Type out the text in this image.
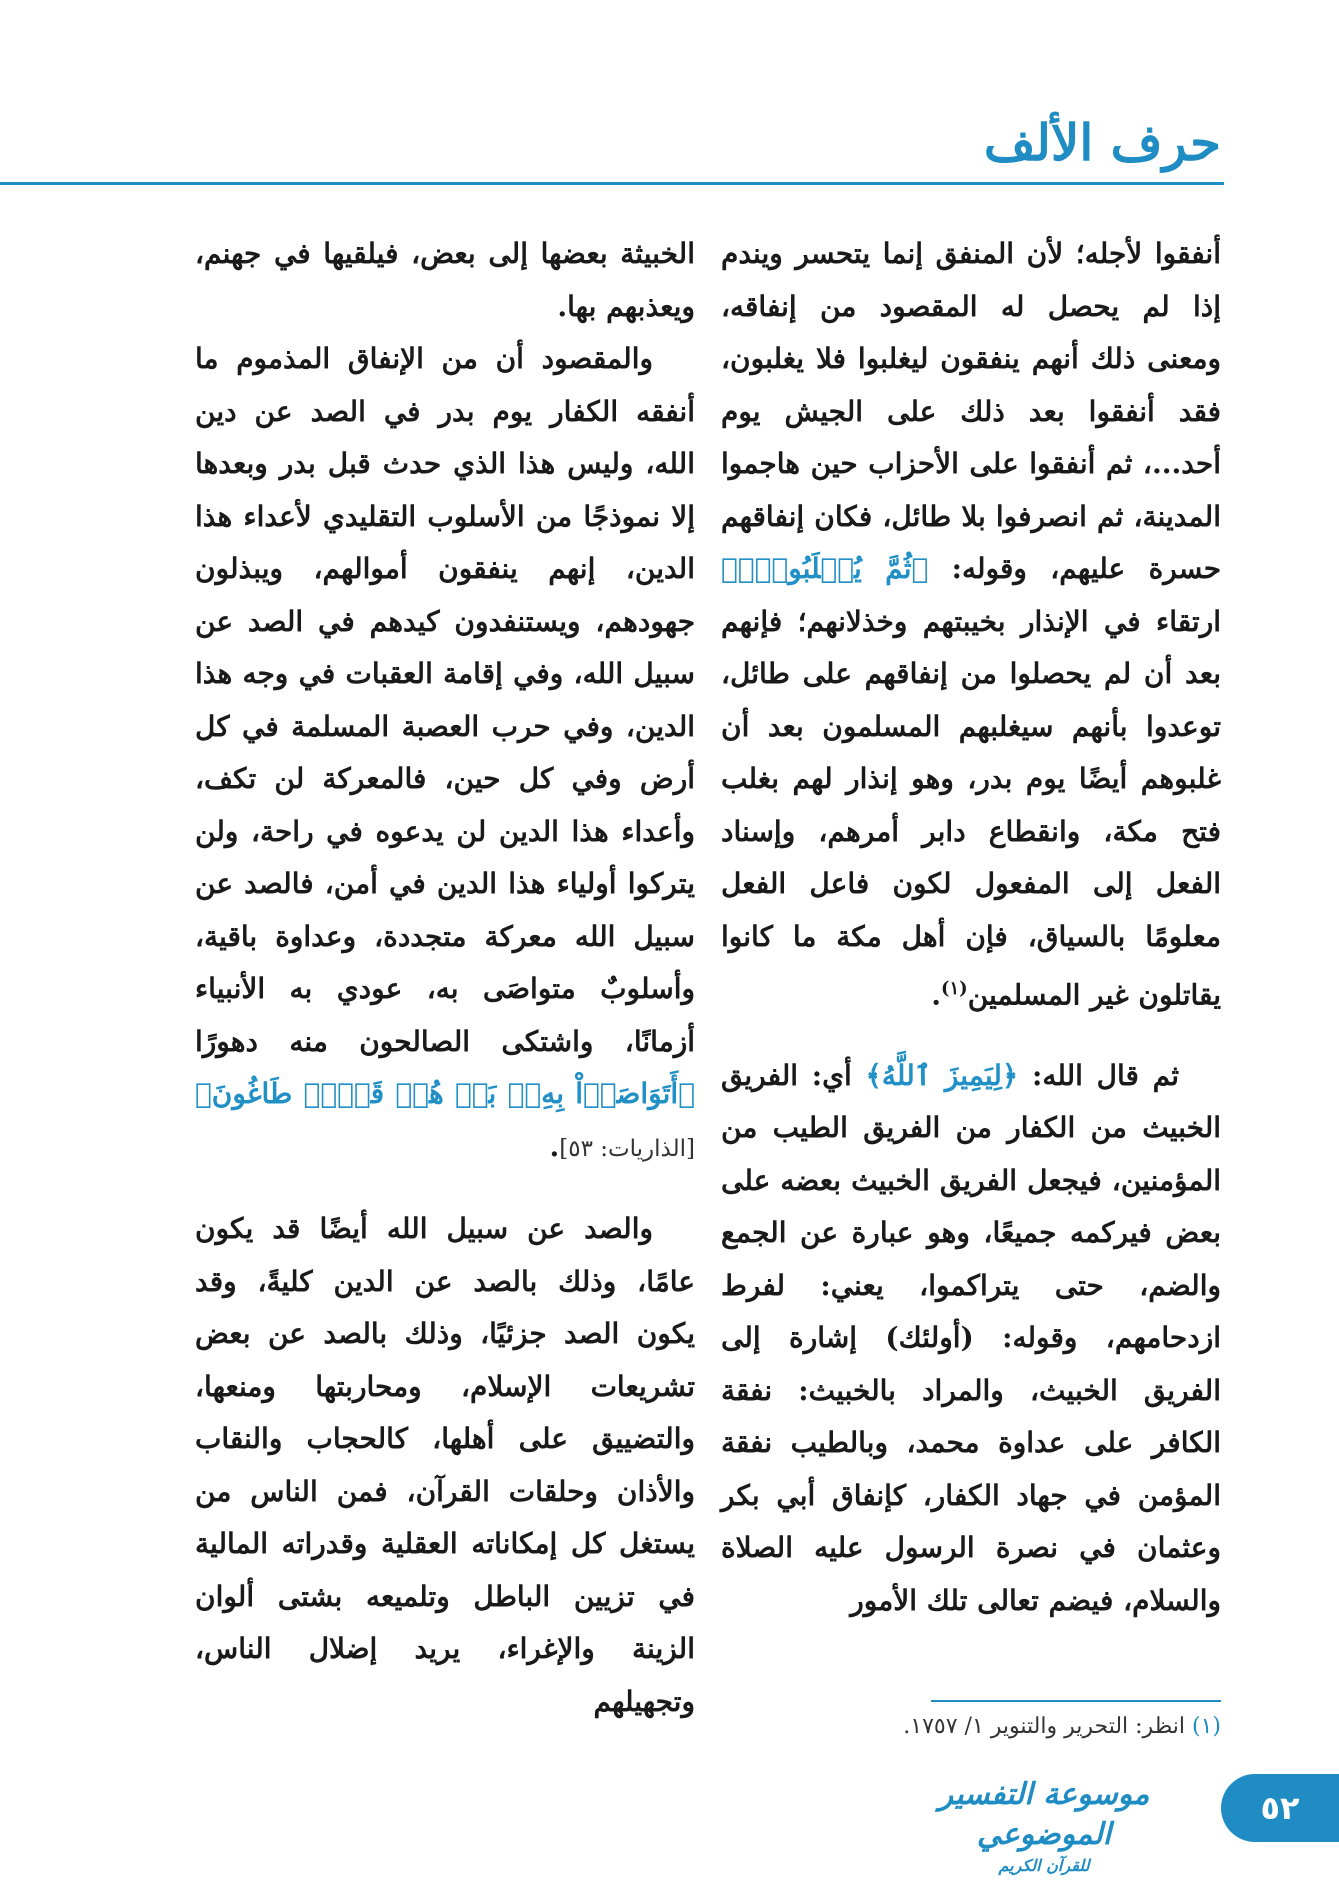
حرف الألف

أنفقوا لأجله؛ لأن المنفق إنما يتحسر ويندم إذا لم يحصل له المقصود من إنفاقه، ومعنى ذلك أنهم ينفقون ليغلبوا فلا يغلبون، فقد أنفقوا بعد ذلك على الجيش يوم أحد...، ثم أنفقوا على الأحزاب حين هاجموا المدينة، ثم انصرفوا بلا طائل، فكان إنفاقهم حسرة عليهم، وقوله: ﴿ثُمَّ يُغۡلَبُونَۚ﴾ ارتقاء في الإنذار بخيبتهم وخذلانهم؛ فإنهم بعد أن لم يحصلوا من إنفاقهم على طائل، توعدوا بأنهم سيغلبهم المسلمون بعد أن غلبوهم أيضًا يوم بدر، وهو إنذار لهم بغلب فتح مكة، وانقطاع دابر أمرهم، وإسناد الفعل إلى المفعول لكون فاعل الفعل معلومًا بالسياق، فإن أهل مكة ما كانوا يقاتلون غير المسلمين$^{(١)}$.

ثم قال الله: ﴿لِيَمِيزَ ٱللَّهُ﴾ أي: الفريق الخبيث من الكفار من الفريق الطيب من المؤمنين، فيجعل الفريق الخبيث بعضه على بعض فيركمه جميعًا، وهو عبارة عن الجمع والضم، حتى يتراكموا، يعني: لفرط ازدحامهم، وقوله: (أولئك) إشارة إلى الفريق الخبيث، والمراد بالخبيث: نفقة الكافر على عداوة محمد، وبالطيب نفقة المؤمن في جهاد الكفار، كإنفاق أبي بكر وعثمان في نصرة الرسول عليه الصلاة والسلام، فيضم تعالى تلك الأمور

الخبيثة بعضها إلى بعض، فيلقيها في جهنم، ويعذبهم بها.

والمقصود أن من الإنفاق المذموم ما أنفقه الكفار يوم بدر في الصد عن دين الله، وليس هذا الذي حدث قبل بدر وبعدها إلا نموذجًا من الأسلوب التقليدي لأعداء هذا الدين، إنهم ينفقون أموالهم، ويبذلون جهودهم، ويستنفدون كيدهم في الصد عن سبيل الله، وفي إقامة العقبات في وجه هذا الدين، وفي حرب العصبة المسلمة في كل أرض وفي كل حين، فالمعركة لن تكف، وأعداء هذا الدين لن يدعوه في راحة، ولن يتركوا أولياء هذا الدين في أمن، فالصد عن سبيل الله معركة متجددة، وعداوة باقية، وأسلوبٌ متواصَى به، عودي به الأنبياء أزمانًا، واشتكى الصالحون منه دهورًا ﴿أَتَوَاصَوۡاْ بِهِۦۚ بَلۡ هُمۡ قَوۡمٞ طَاغُونَ﴾[الذاريات: ٥٣].

والصد عن سبيل الله أيضًا قد يكون عامًا، وذلك بالصد عن الدين كليةً، وقد يكون الصد جزئيًا، وذلك بالصد عن بعض تشريعات الإسلام، ومحاربتها ومنعها، والتضييق على أهلها، كالحجاب والنقاب والأذان وحلقات القرآن، فمن الناس من يستغل كل إمكاناته العقلية وقدراته المالية في تزيين الباطل وتلميعه بشتى ألوان الزينة والإغراء، يريد إضلال الناس، وتجهيلهم

(١) انظر: التحرير والتنوير ١/ ١٧٥٧.
٥٢
موسوعة التفسير الموضوعي
للقرآن الكريم
